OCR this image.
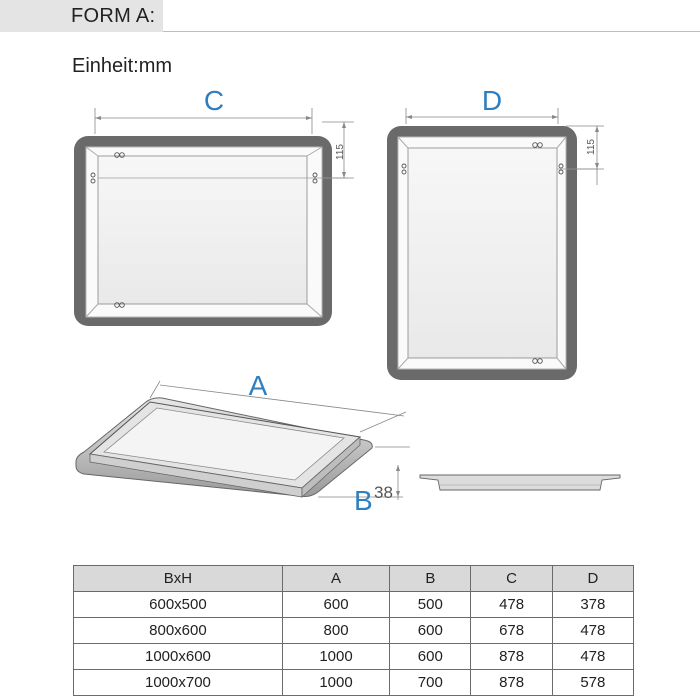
FORM A:
Einheit:mm
C
115
D
115
A
B 38
BxH	A	B	C	D
600x500	600	500	478	378
800x600	800	600	678	478
1000x600	1000	600	878	478
1000x700	1000	700	878	578
